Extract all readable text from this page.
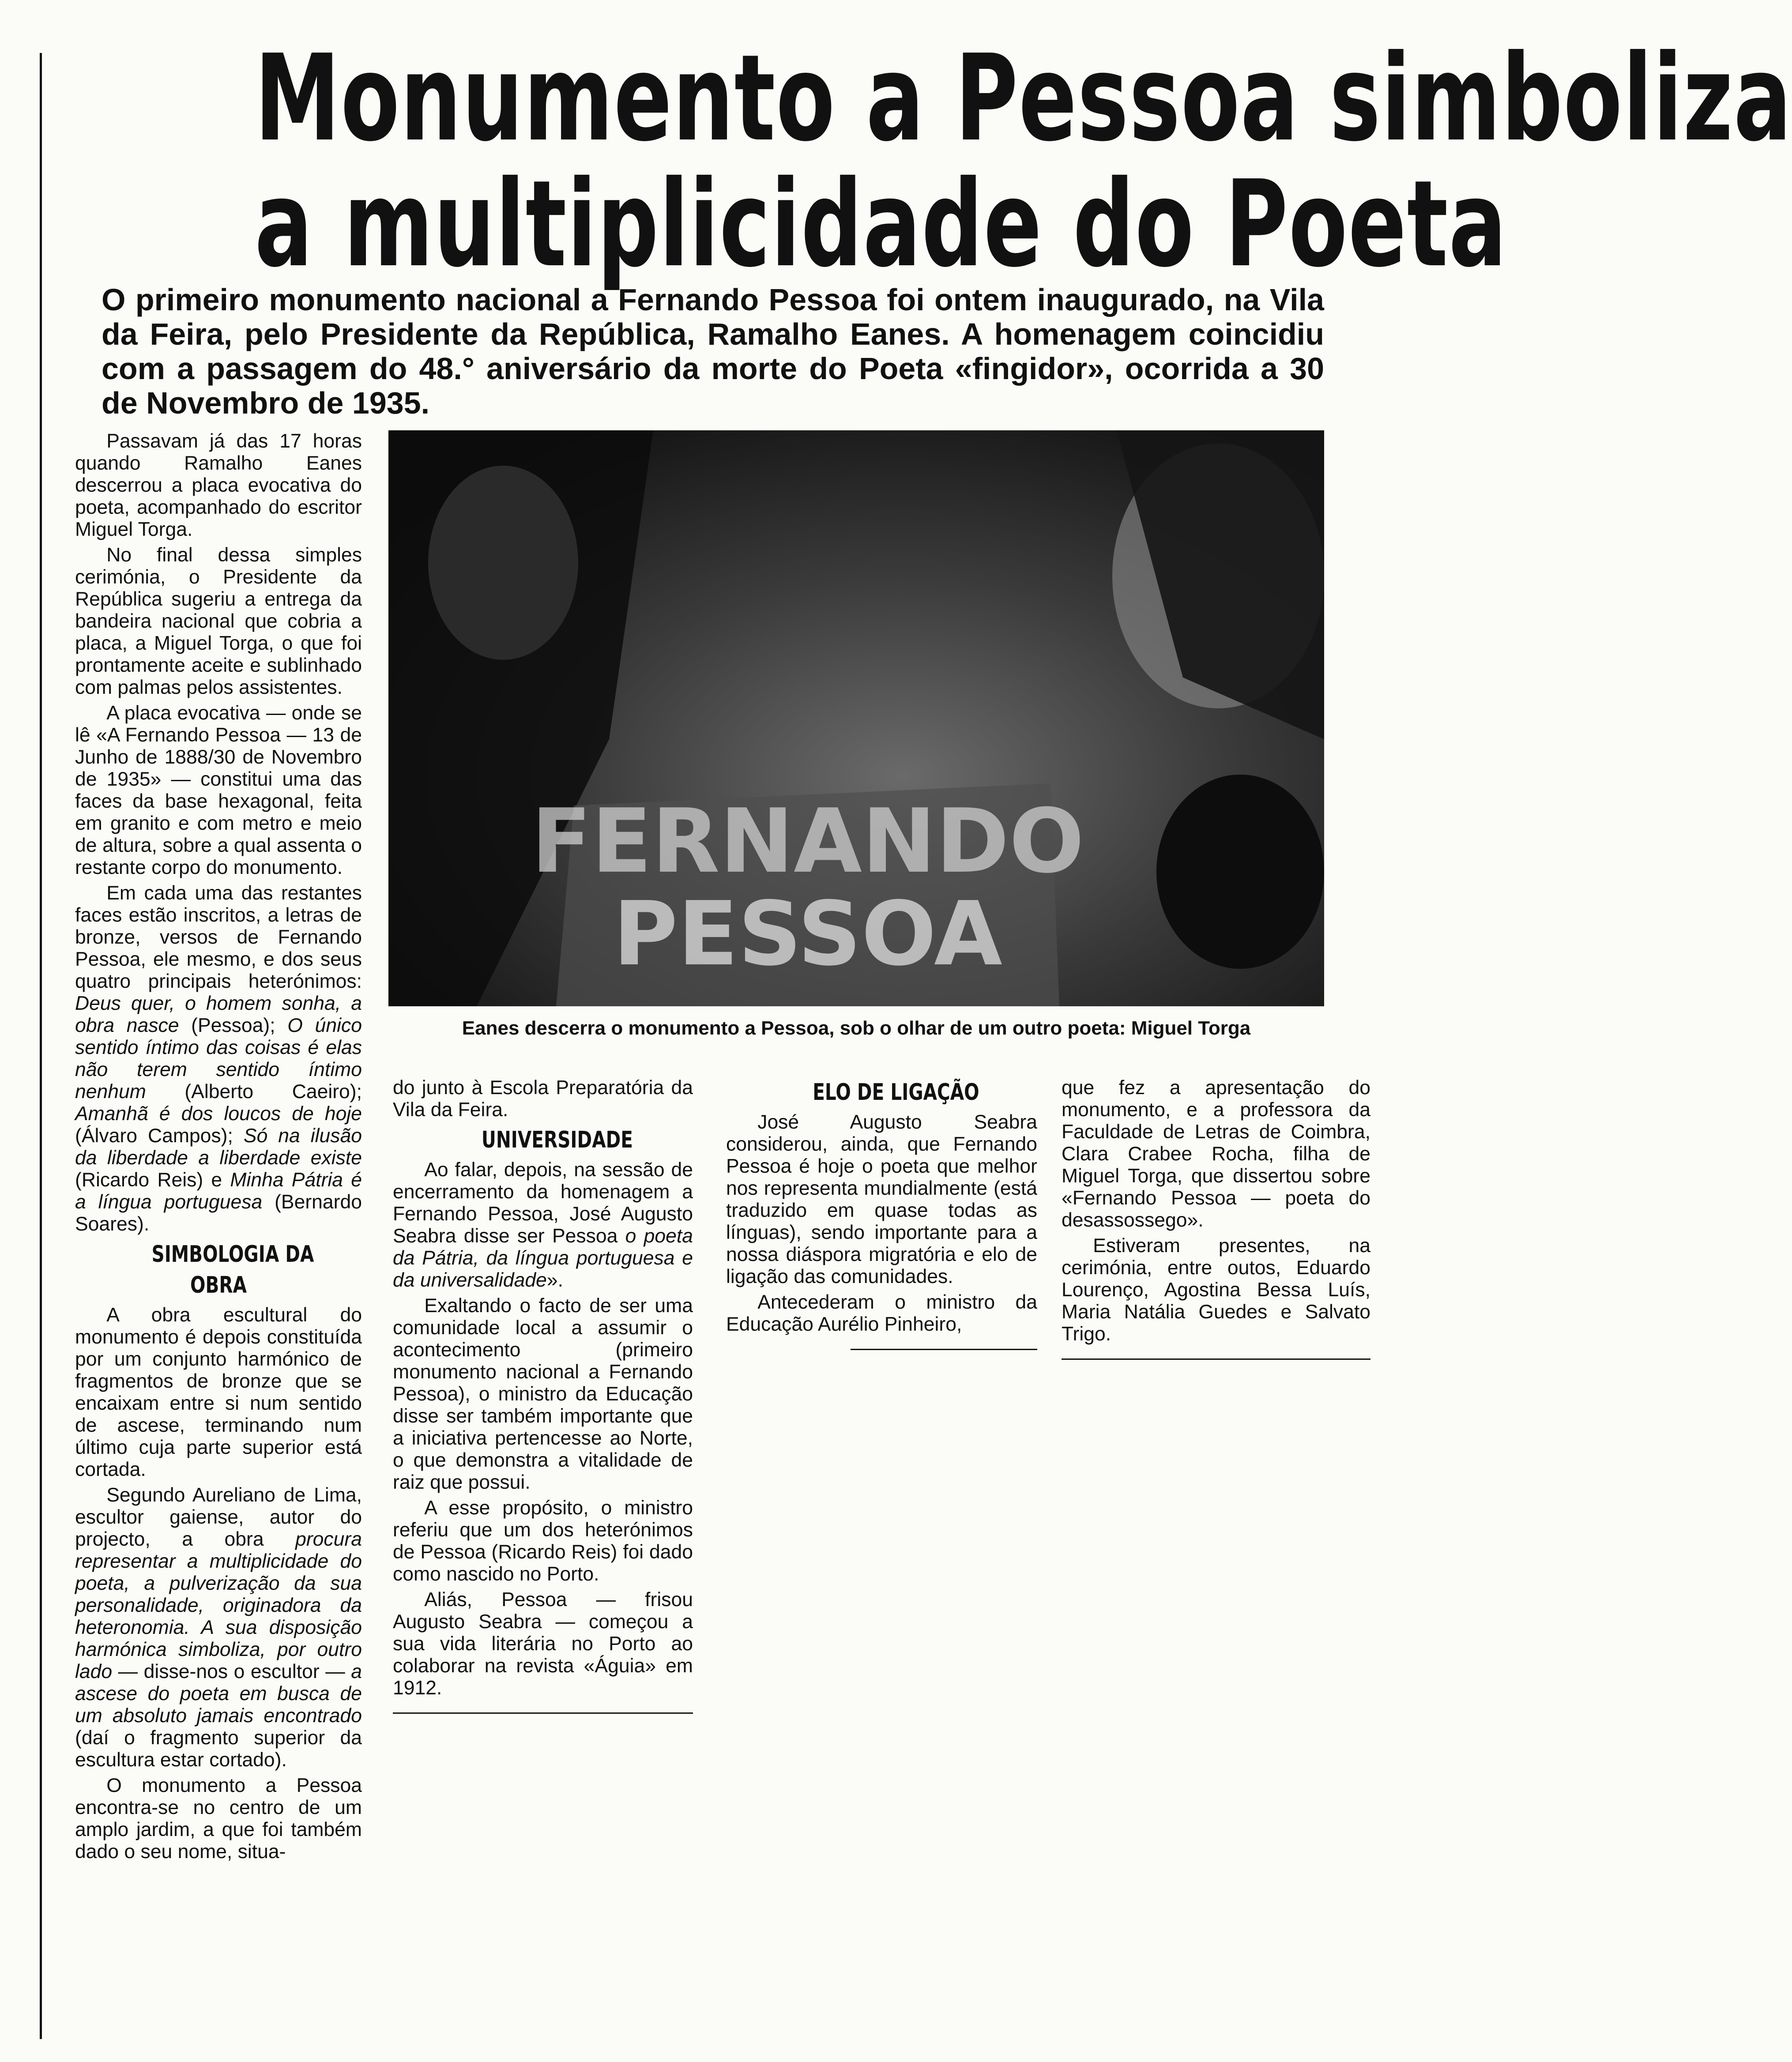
Monumento a Pessoa simboliza
a multiplicidade do Poeta
O primeiro monumento nacional a Fernando Pessoa foi ontem inaugurado, na Vila da Feira, pelo Presidente da República, Ramalho Eanes. A homenagem coincidiu com a passagem do 48.° aniversário da morte do Poeta «fingidor», ocorrida a 30 de Novembro de 1935.

Passavam já das 17 horas quando Ramalho Eanes descerrou a placa evocativa do poeta, acompanhado do escritor Miguel Torga.

No final dessa simples cerimónia, o Presidente da República sugeriu a entrega da bandeira nacional que cobria a placa, a Miguel Torga, o que foi prontamente aceite e sublinhado com palmas pelos assistentes.

A placa evocativa — onde se lê «A Fernando Pessoa — 13 de Junho de 1888/30 de Novembro de 1935» — constitui uma das faces da base hexagonal, feita em granito e com metro e meio de altura, sobre a qual assenta o restante corpo do monumento.

Em cada uma das restantes faces estão inscritos, a letras de bronze, versos de Fernando Pessoa, ele mesmo, e dos seus quatro principais heterónimos: Deus quer, o homem sonha, a obra nasce (Pessoa); O único sentido íntimo das coisas é elas não terem sentido íntimo nenhum (Alberto Caeiro); Amanhã é dos loucos de hoje (Álvaro Campos); Só na ilusão da liberdade a liberdade existe (Ricardo Reis) e Minha Pátria é a língua portuguesa (Bernardo Soares).

SIMBOLOGIA DA OBRA

A obra escultural do monumento é depois constituída por um conjunto harmónico de fragmentos de bronze que se encaixam entre si num sentido de ascese, terminando num último cuja parte superior está cortada.

Segundo Aureliano de Lima, escultor gaiense, autor do projecto, a obra procura representar a multiplicidade do poeta, a pulverização da sua personalidade, originadora da heteronomia. A sua disposição harmónica simboliza, por outro lado — disse-nos o escultor — a ascese do poeta em busca de um absoluto jamais encontrado (daí o fragmento superior da escultura estar cortado).

O monumento a Pessoa encontra-se no centro de um amplo jardim, a que foi também dado o seu nome, situa-

FERNANDO
PESSOA
Eanes descerra o monumento a Pessoa, sob o olhar de um outro poeta: Miguel Torga

do junto à Escola Preparatória da Vila da Feira.

UNIVERSIDADE

Ao falar, depois, na sessão de encerramento da homenagem a Fernando Pessoa, José Augusto Seabra disse ser Pessoa o poeta da Pátria, da língua portuguesa e da universalidade».

Exaltando o facto de ser uma comunidade local a assumir o acontecimento (primeiro monumento nacional a Fernando Pessoa), o ministro da Educação disse ser também importante que a iniciativa pertencesse ao Norte, o que demonstra a vitalidade de raiz que possui.

A esse propósito, o ministro referiu que um dos heterónimos de Pessoa (Ricardo Reis) foi dado como nascido no Porto.

Aliás, Pessoa — frisou Augusto Seabra — começou a sua vida literária no Porto ao colaborar na revista «Águia» em 1912.

ELO DE LIGAÇÃO

José Augusto Seabra considerou, ainda, que Fernando Pessoa é hoje o poeta que melhor nos representa mundialmente (está traduzido em quase todas as línguas), sendo importante para a nossa diáspora migratória e elo de ligação das comunidades.

Antecederam o ministro da Educação Aurélio Pinheiro,

que fez a apresentação do monumento, e a professora da Faculdade de Letras de Coimbra, Clara Crabee Rocha, filha de Miguel Torga, que dissertou sobre «Fernando Pessoa — poeta do desassossego».

Estiveram presentes, na cerimónia, entre outos, Eduardo Lourenço, Agostina Bessa Luís, Maria Natália Guedes e Salvato Trigo.
